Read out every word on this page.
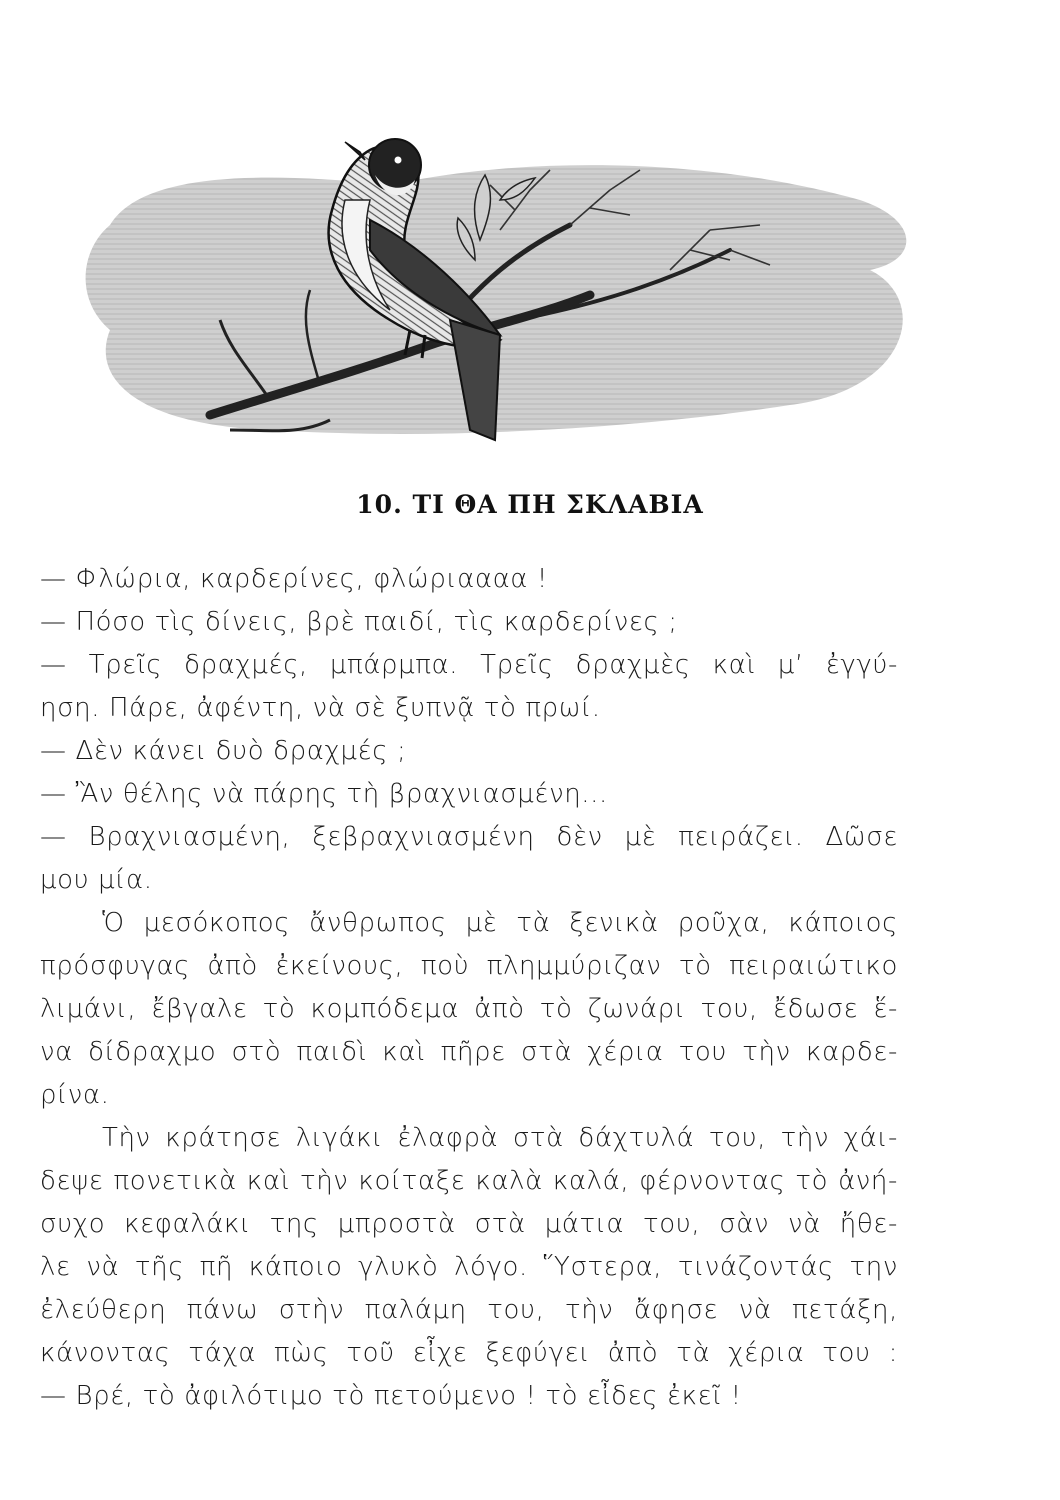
10. ΤΙ ΘΑ ΠΗ ΣΚΛΑΒΙΑ
— Φλώρια, καρδερίνες, φλώριαααα !
— Πόσο τὶς δίνεις, βρὲ παιδί, τὶς καρδερίνες ;
— Τρεῖς δραχμές, μπάρμπα. Τρεῖς δραχμὲς καὶ μ’ ἐγγύ-
ηση. Πάρε, ἀφέντη, νὰ σὲ ξυπνᾷ τὸ πρωί.
— Δὲν κάνει δυὸ δραχμές ;
— Ἂν θέλης νὰ πάρης τὴ βραχνιασμένη...
— Βραχνιασμένη, ξεβραχνιασμένη δὲν μὲ πειράζει. Δῶσε
μου μία.
Ὁ μεσόκοπος ἄνθρωπος μὲ τὰ ξενικὰ ροῦχα, κάποιος
πρόσφυγας ἀπὸ ἐκείνους, ποὺ πλημμύριζαν τὸ πειραιώτικο
λιμάνι, ἔβγαλε τὸ κομπόδεμα ἀπὸ τὸ ζωνάρι του, ἔδωσε ἕ-
να δίδραχμο στὸ παιδὶ καὶ πῆρε στὰ χέρια του τὴν καρδε-
ρίνα.
Τὴν κράτησε λιγάκι ἐλαφρὰ στὰ δάχτυλά του, τὴν χάι-
δεψε πονετικὰ καὶ τὴν κοίταξε καλὰ καλά, φέρνοντας τὸ ἀνή-
συχο κεφαλάκι της μπροστὰ στὰ μάτια του, σὰν νὰ ἤθε-
λε νὰ τῆς πῆ κάποιο γλυκὸ λόγο. Ὕστερα, τινάζοντάς την
ἐλεύθερη πάνω στὴν παλάμη του, τὴν ἄφησε νὰ πετάξη,
κάνοντας τάχα πὼς τοῦ εἶχε ξεφύγει ἀπὸ τὰ χέρια του :
— Βρέ, τὸ ἀφιλότιμο τὸ πετούμενο ! τὸ εἶδες ἐκεῖ !
